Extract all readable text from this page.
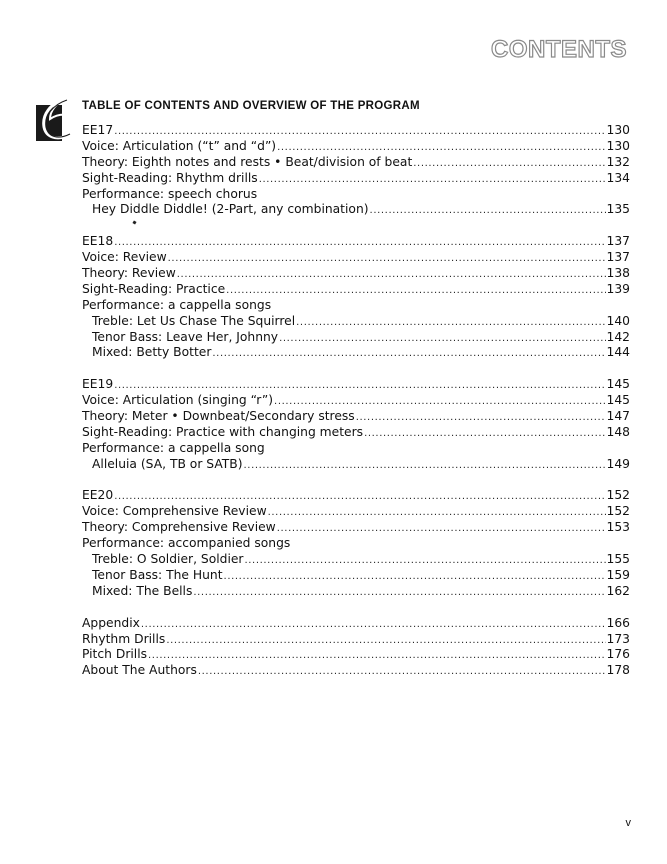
CONTENTS
TABLE OF CONTENTS AND OVERVIEW OF THE PROGRAM
EE17 .....	130
Voice: Articulation (“t” and “d”) .....	130
Theory: Eighth notes and rests • Beat/division of beat .....	132
Sight-Reading: Rhythm drills .....	134
Performance: speech chorus
Hey Diddle Diddle! (2-Part, any combination) .....	135
EE18 .....	137
Voice: Review .....	137
Theory: Review .....	138
Sight-Reading: Practice .....	139
Performance: a cappella songs
Treble: Let Us Chase The Squirrel .....	140
Tenor Bass: Leave Her, Johnny .....	142
Mixed: Betty Botter .....	144
EE19 .....	145
Voice: Articulation (singing “r”) .....	145
Theory: Meter • Downbeat/Secondary stress .....	147
Sight-Reading: Practice with changing meters .....	148
Performance: a cappella song
Alleluia (SA, TB or SATB) .....	149
EE20 .....	152
Voice: Comprehensive Review .....	152
Theory: Comprehensive Review .....	153
Performance: accompanied songs
Treble: O Soldier, Soldier .....	155
Tenor Bass: The Hunt .....	159
Mixed: The Bells .....	162
Appendix .....	166
Rhythm Drills .....	173
Pitch Drills .....	176
About The Authors .....	178
v
